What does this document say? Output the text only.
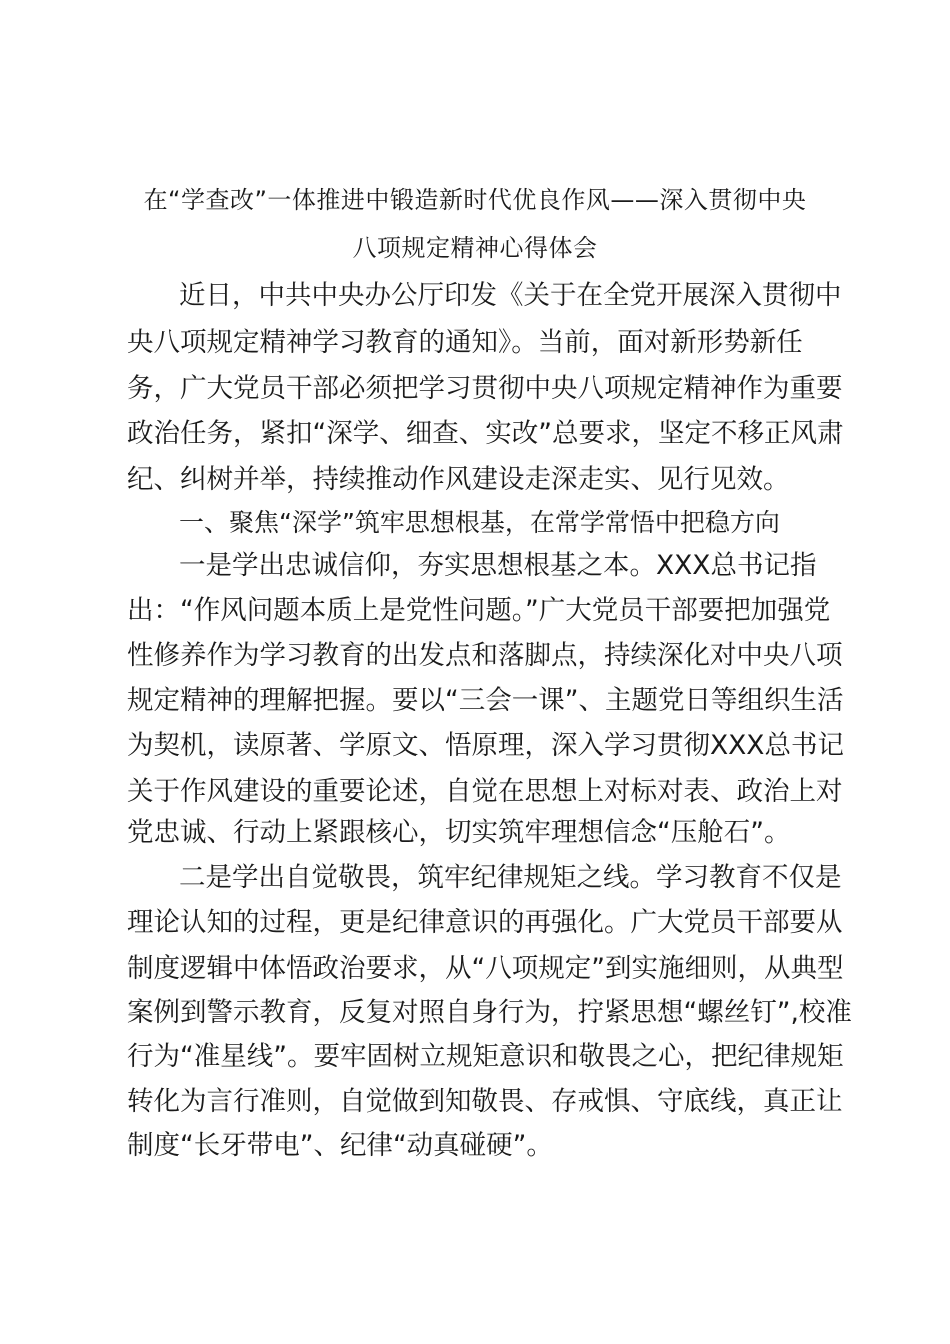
在“学查改”一体推进中锻造新时代优良作风——深入贯彻中央
八项规定精神心得体会
近日，中共中央办公厅印发《关于在全党开展深入贯彻中
央八项规定精神学习教育的通知》。当前，面对新形势新任
务，广大党员干部必须把学习贯彻中央八项规定精神作为重要
政治任务，紧扣“深学、细查、实改”总要求，坚定不移正风肃
纪、纠树并举，持续推动作风建设走深走实、见行见效。
一、聚焦“深学”筑牢思想根基，在常学常悟中把稳方向
一是学出忠诚信仰，夯实思想根基之本。XXX总书记指
出：“作风问题本质上是党性问题。”广大党员干部要把加强党
性修养作为学习教育的出发点和落脚点，持续深化对中央八项
规定精神的理解把握。要以“三会一课”、主题党日等组织生活
为契机，读原著、学原文、悟原理，深入学习贯彻XXX总书记
关于作风建设的重要论述，自觉在思想上对标对表、政治上对
党忠诚、行动上紧跟核心，切实筑牢理想信念“压舱石”。
二是学出自觉敬畏，筑牢纪律规矩之线。学习教育不仅是
理论认知的过程，更是纪律意识的再强化。广大党员干部要从
制度逻辑中体悟政治要求，从“八项规定”到实施细则，从典型
案例到警示教育，反复对照自身行为，拧紧思想“螺丝钉”,校准
行为“准星线”。要牢固树立规矩意识和敬畏之心，把纪律规矩
转化为言行准则，自觉做到知敬畏、存戒惧、守底线，真正让
制度“长牙带电”、纪律“动真碰硬”。
